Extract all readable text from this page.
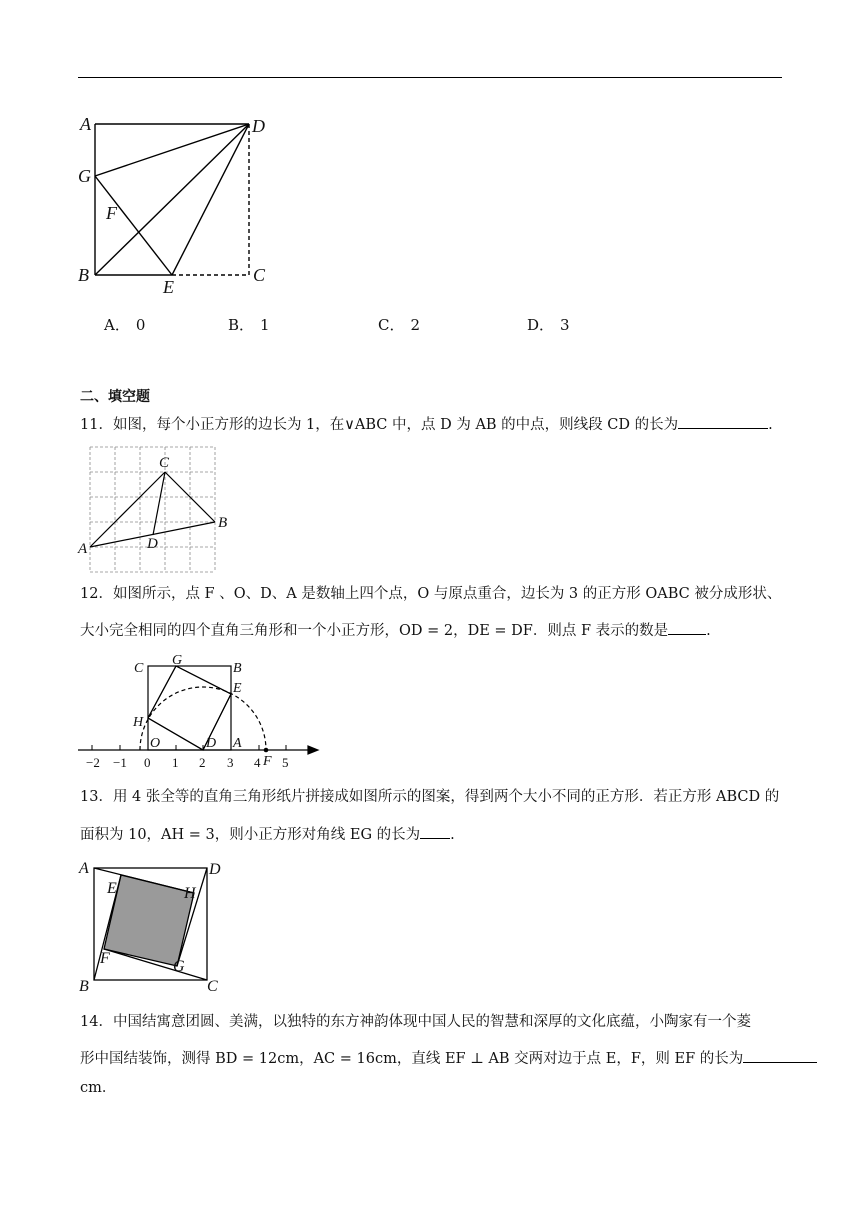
A	D
G
F
B
E
C
A． 0	B． 1	C． 2	D． 3
二、填空题
11．如图，每个小正方形的边长为 1，在∨ABC 中，点 D 为 AB 的中点，则线段 CD 的长为	.
C
B
A	D
12．如图所示，点 F 、O、D、A 是数轴上四个点，O 与原点重合，边长为 3 的正方形 OABC 被分成形状、
大小完全相同的四个直角三角形和一个小正方形，OD = 2，DE = DF．则点 F 表示的数是	.
C
G
B
E
H
O	D A
F
−2 −1 0 1 2 3 4 5
13．用 4 张全等的直角三角形纸片拼接成如图所示的图案，得到两个大小不同的正方形．若正方形 ABCD 的
面积为 10，AH = 3，则小正方形对角线 EG 的长为 .
A	D
E	H
F	G
B	C
14．中国结寓意团圆、美满，以独特的东方神韵体现中国人民的智慧和深厚的文化底蕴，小陶家有一个菱
形中国结装饰，测得 BD = 12cm，AC = 16cm，直线 EF ⊥ AB 交两对边于点 E，F，则 EF 的长为
cm．
